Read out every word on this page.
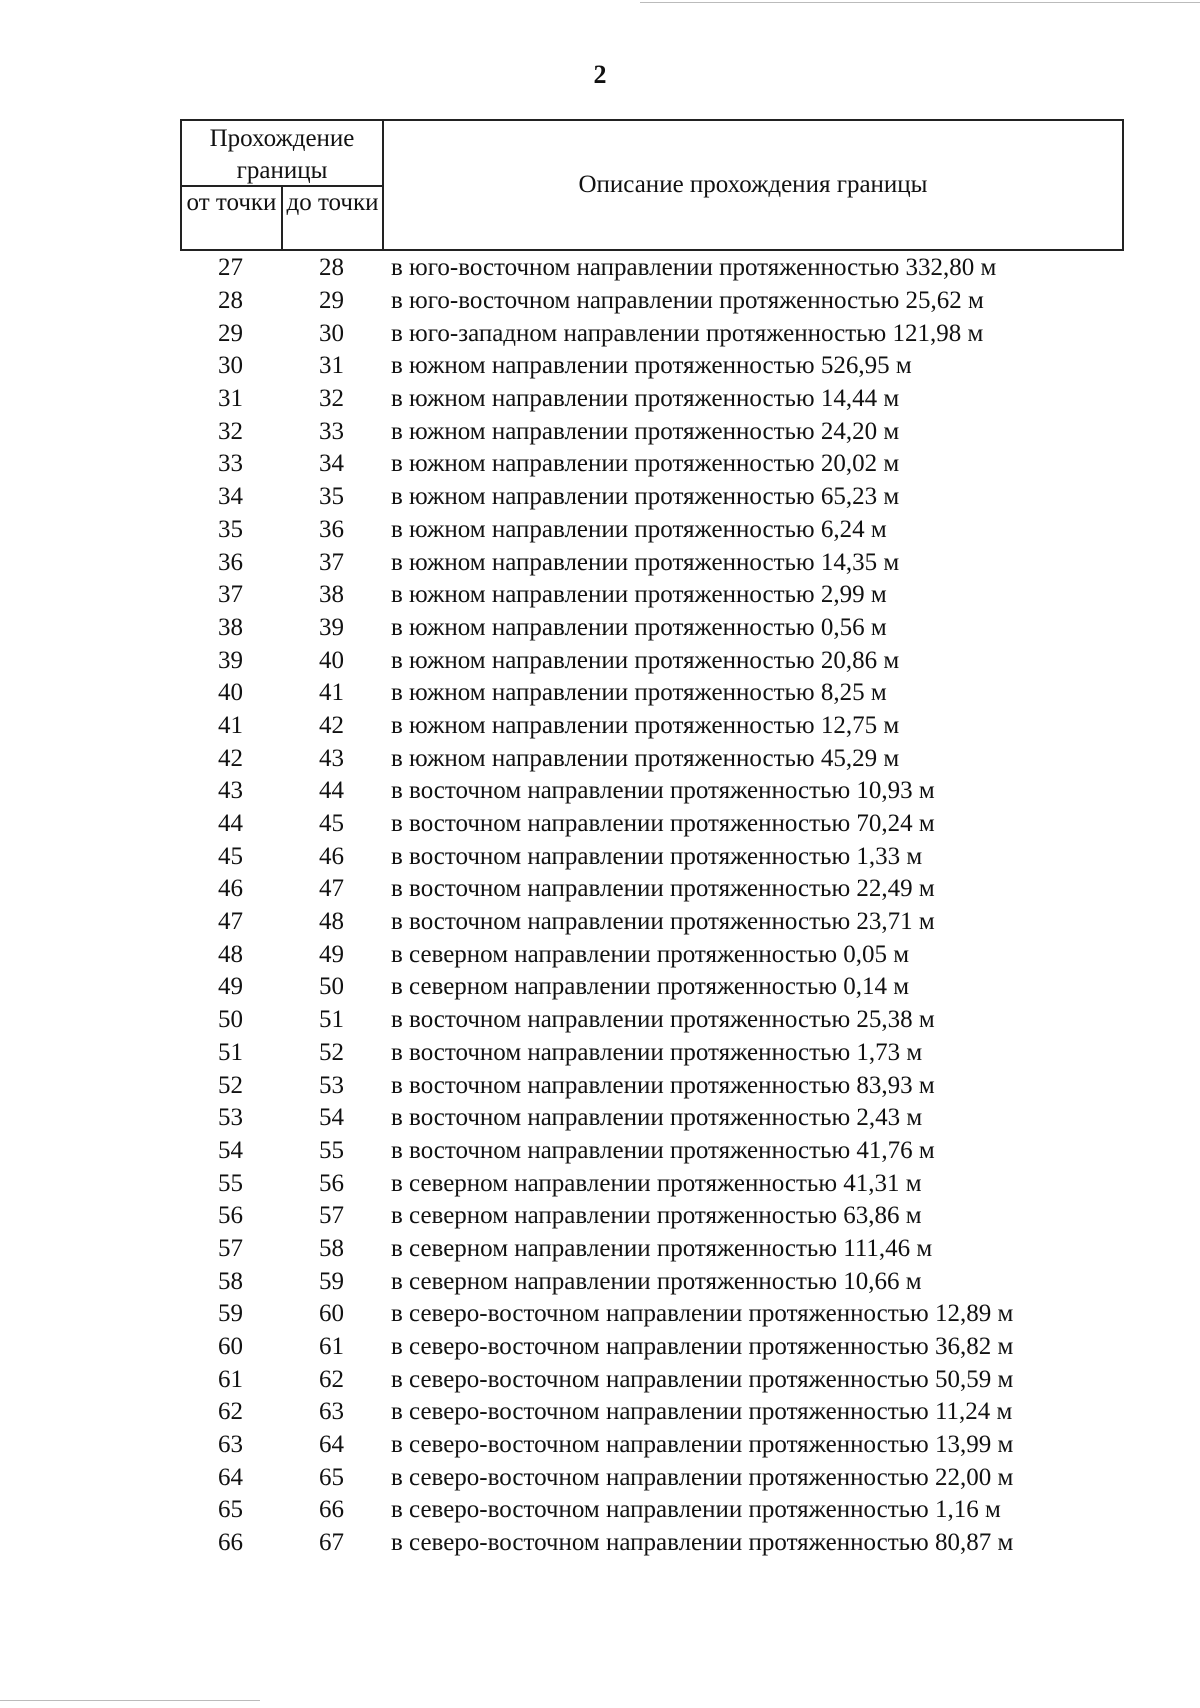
2
Прохождение границы
от точки до точки
Описание прохождения границы
27	28	в юго-восточном направлении протяженностью 332,80 м
28	29	в юго-восточном направлении протяженностью 25,62 м
29	30	в юго-западном направлении протяженностью 121,98 м
30	31	в южном направлении протяженностью 526,95 м
31	32	в южном направлении протяженностью 14,44 м
32	33	в южном направлении протяженностью 24,20 м
33	34	в южном направлении протяженностью 20,02 м
34	35	в южном направлении протяженностью 65,23 м
35	36	в южном направлении протяженностью 6,24 м
36	37	в южном направлении протяженностью 14,35 м
37	38	в южном направлении протяженностью 2,99 м
38	39	в южном направлении протяженностью 0,56 м
39	40	в южном направлении протяженностью 20,86 м
40	41	в южном направлении протяженностью 8,25 м
41	42	в южном направлении протяженностью 12,75 м
42	43	в южном направлении протяженностью 45,29 м
43	44	в восточном направлении протяженностью 10,93 м
44	45	в восточном направлении протяженностью 70,24 м
45	46	в восточном направлении протяженностью 1,33 м
46	47	в восточном направлении протяженностью 22,49 м
47	48	в восточном направлении протяженностью 23,71 м
48	49	в северном направлении протяженностью 0,05 м
49	50	в северном направлении протяженностью 0,14 м
50	51	в восточном направлении протяженностью 25,38 м
51	52	в восточном направлении протяженностью 1,73 м
52	53	в восточном направлении протяженностью 83,93 м
53	54	в восточном направлении протяженностью 2,43 м
54	55	в восточном направлении протяженностью 41,76 м
55	56	в северном направлении протяженностью 41,31 м
56	57	в северном направлении протяженностью 63,86 м
57	58	в северном направлении протяженностью 111,46 м
58	59	в северном направлении протяженностью 10,66 м
59	60	в северо-восточном направлении протяженностью 12,89 м
60	61	в северо-восточном направлении протяженностью 36,82 м
61	62	в северо-восточном направлении протяженностью 50,59 м
62	63	в северо-восточном направлении протяженностью 11,24 м
63	64	в северо-восточном направлении протяженностью 13,99 м
64	65	в северо-восточном направлении протяженностью 22,00 м
65	66	в северо-восточном направлении протяженностью 1,16 м
66	67	в северо-восточном направлении протяженностью 80,87 м
